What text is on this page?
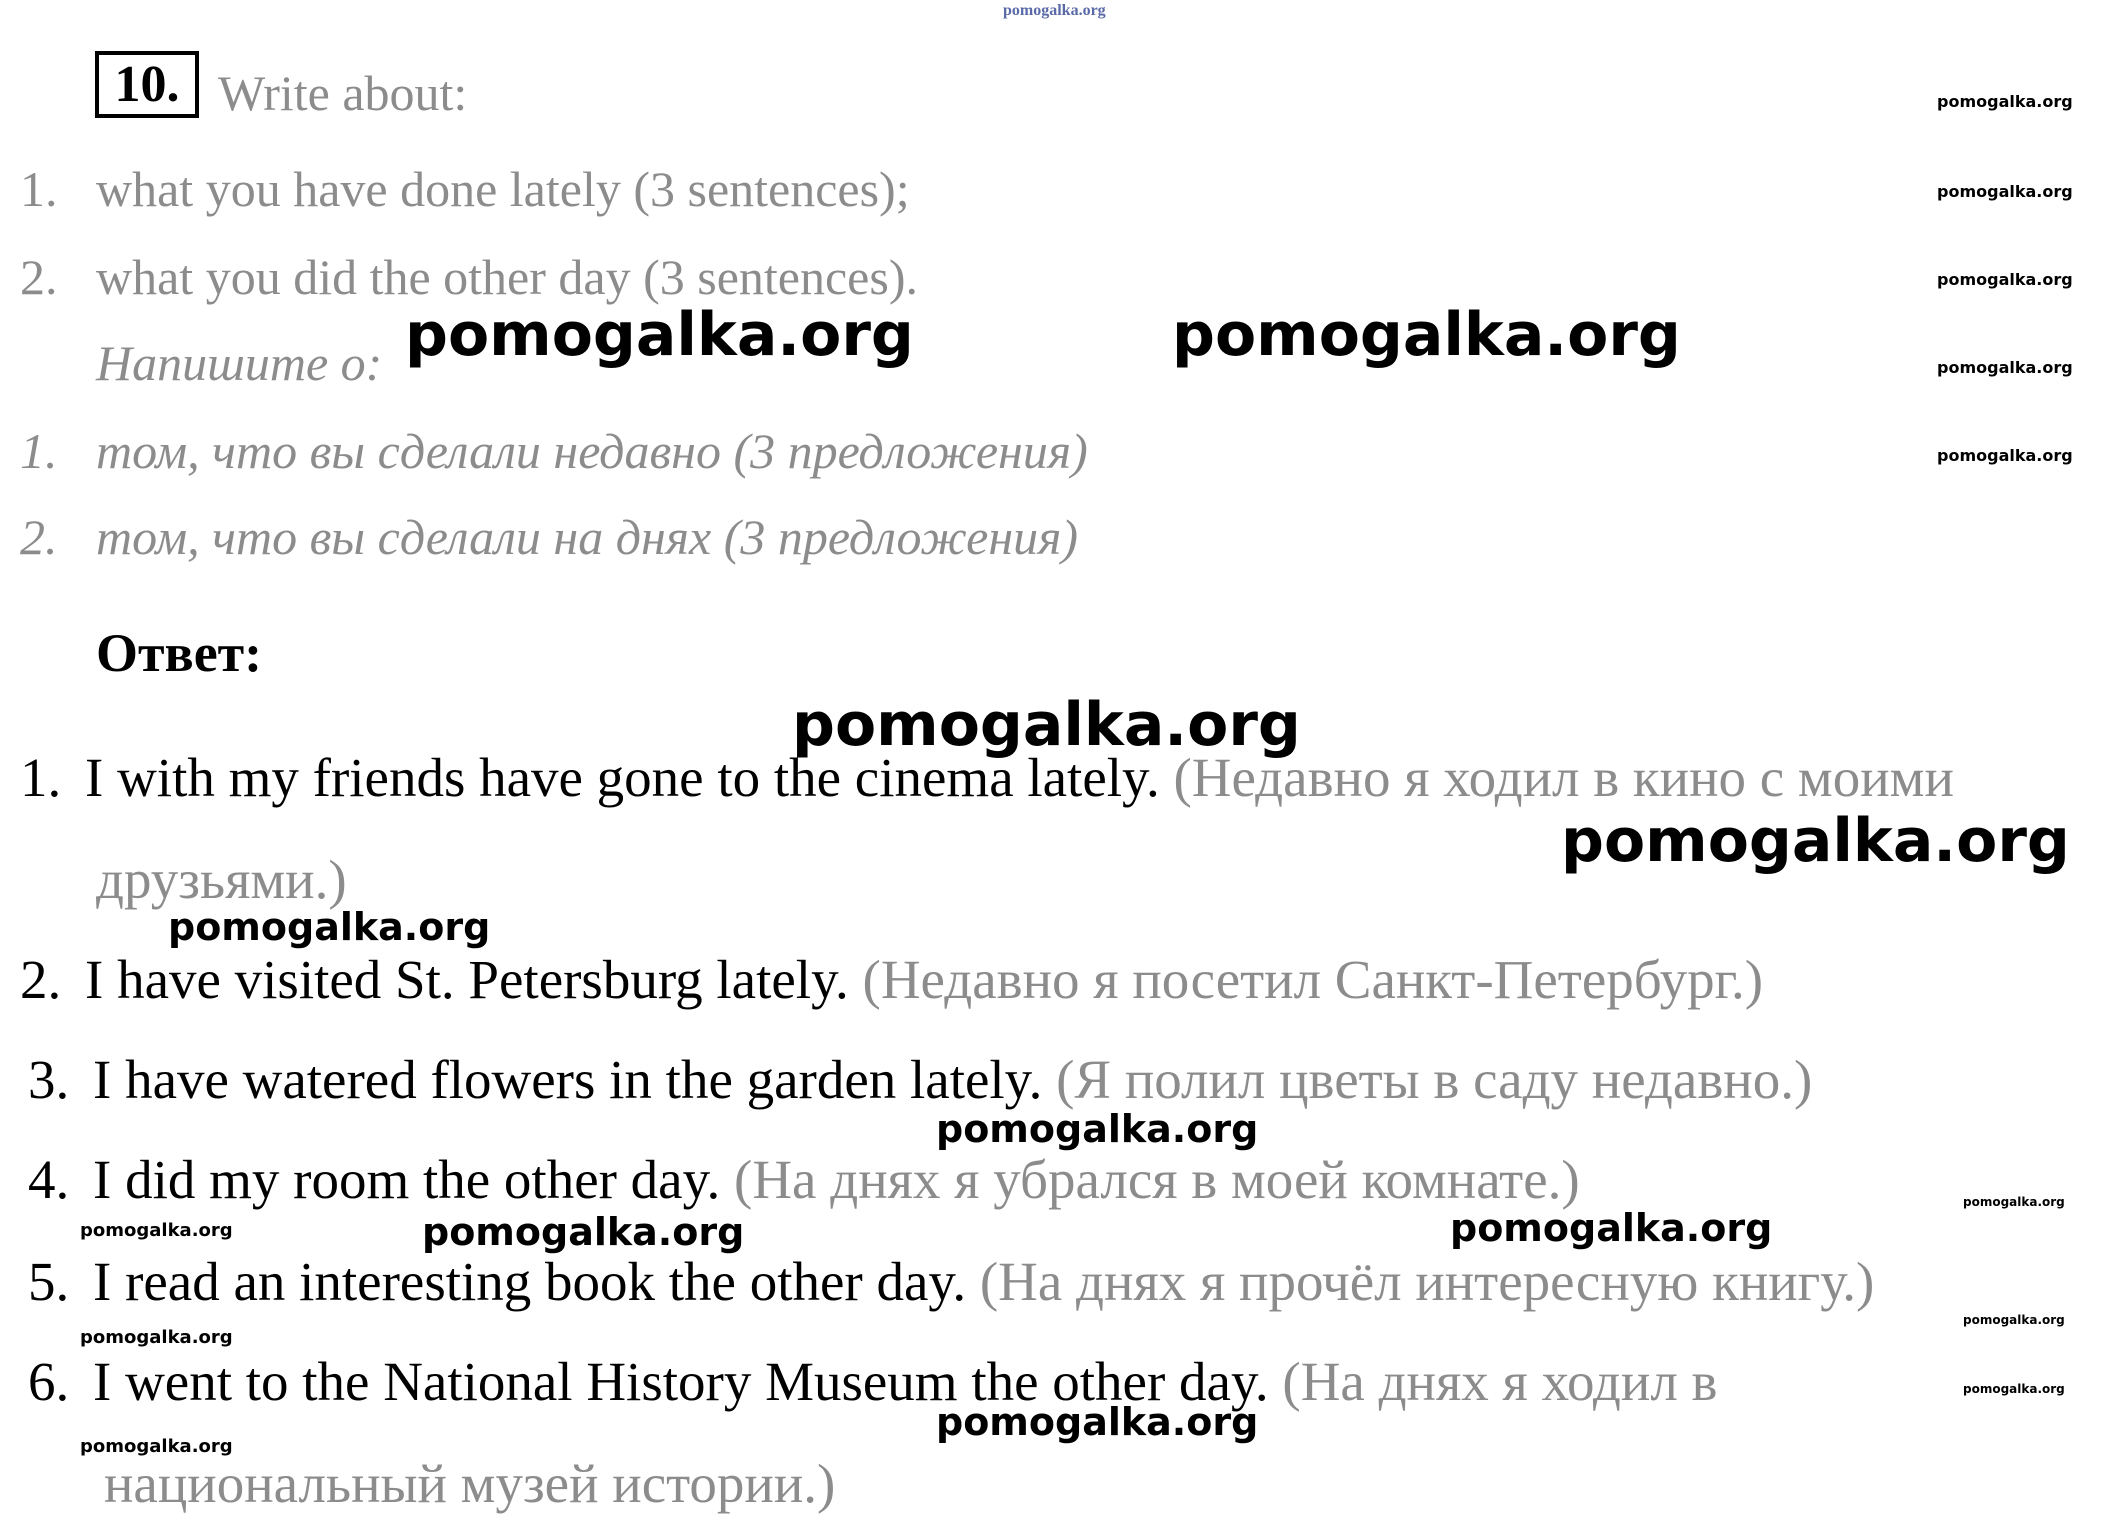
pomogalka.org
10. Write about:
1. what you have done lately (3 sentences);
2. what you did the other day (3 sentences).
Напишите о:
1. том, что вы сделали недавно (3 предложения)
2. том, что вы сделали на днях (3 предложения)
Ответ:
1. I with my friends have gone to the cinema lately. (Недавно я ходил в кино с моими
друзьями.)
2. I have visited St. Petersburg lately. (Недавно я посетил Санкт-Петербург.)
3. I have watered flowers in the garden lately. (Я полил цветы в саду недавно.)
4. I did my room the other day. (На днях я убрался в моей комнате.)
5. I read an interesting book the other day. (На днях я прочёл интересную книгу.)
6. I went to the National History Museum the other day. (На днях я ходил в
национальный музей истории.)
pomogalka.org	pomogalka.org
pomogalka.org
pomogalka.org
pomogalka.org
pomogalka.org
pomogalka.org	pomogalka.org
pomogalka.org
pomogalka.org
pomogalka.org
pomogalka.org
pomogalka.org
pomogalka.org
pomogalka.org
pomogalka.org
pomogalka.org
pomogalka.org
pomogalka.org
pomogalka.org
